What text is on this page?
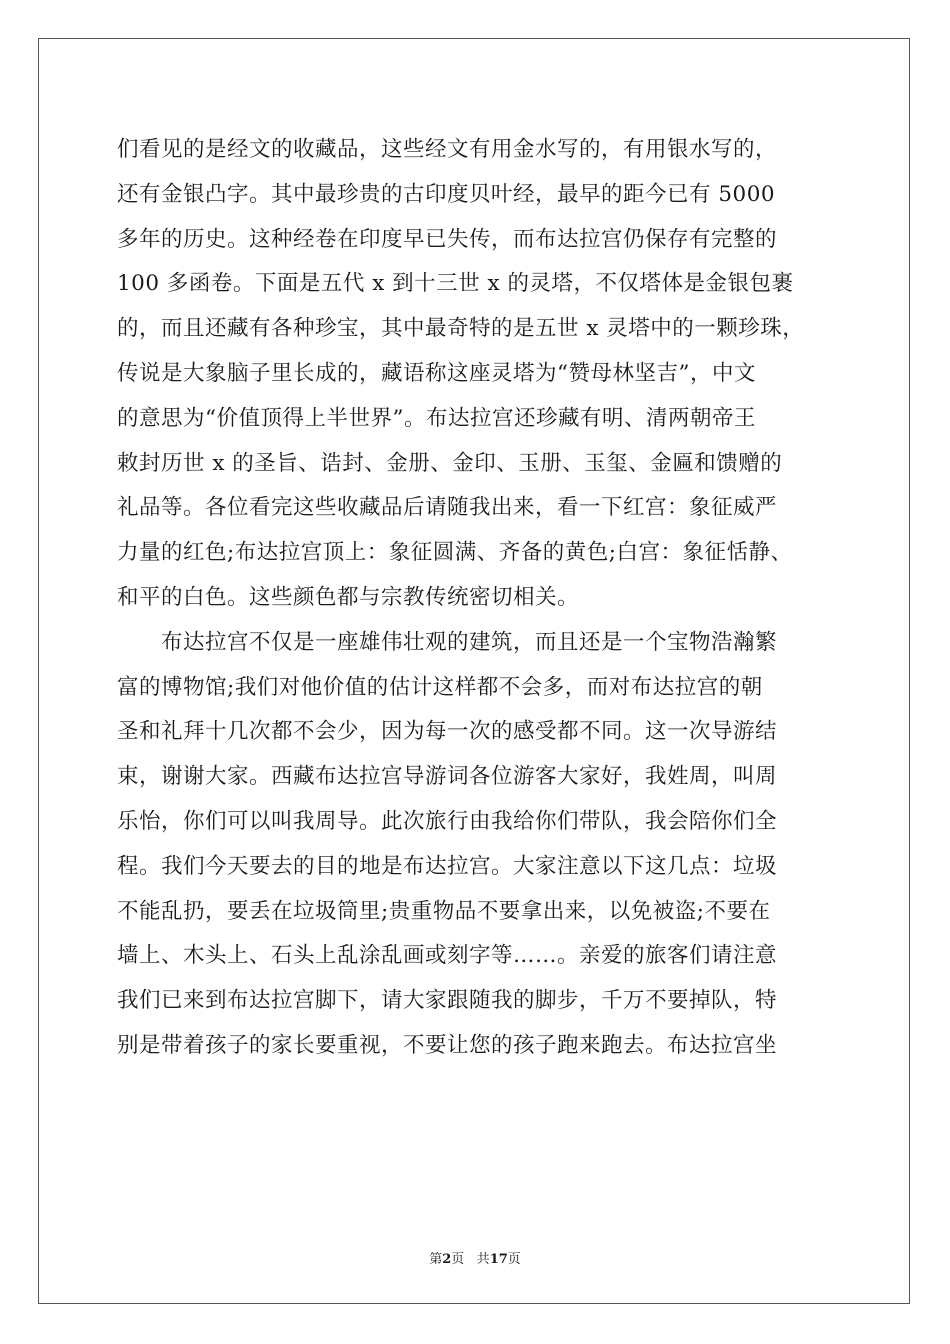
们看见的是经文的收藏品，这些经文有用金水写的，有用银水写的，
还有金银凸字。其中最珍贵的古印度贝叶经，最早的距今已有 5000
多年的历史。这种经卷在印度早已失传，而布达拉宫仍保存有完整的
100 多函卷。下面是五代 x 到十三世 x 的灵塔，不仅塔体是金银包裹
的，而且还藏有各种珍宝，其中最奇特的是五世 x 灵塔中的一颗珍珠，
传说是大象脑子里长成的，藏语称这座灵塔为“赞母林坚吉”，中文
的意思为“价值顶得上半世界”。布达拉宫还珍藏有明、清两朝帝王
敕封历世 x 的圣旨、诰封、金册、金印、玉册、玉玺、金匾和馈赠的
礼品等。各位看完这些收藏品后请随我出来，看一下红宫：象征威严
力量的红色;布达拉宫顶上：象征圆满、齐备的黄色;白宫：象征恬静、
和平的白色。这些颜色都与宗教传统密切相关。
　　布达拉宫不仅是一座雄伟壮观的建筑，而且还是一个宝物浩瀚繁
富的博物馆;我们对他价值的估计这样都不会多，而对布达拉宫的朝
圣和礼拜十几次都不会少，因为每一次的感受都不同。这一次导游结
束，谢谢大家。西藏布达拉宫导游词各位游客大家好，我姓周，叫周
乐怡，你们可以叫我周导。此次旅行由我给你们带队，我会陪你们全
程。我们今天要去的目的地是布达拉宫。大家注意以下这几点：垃圾
不能乱扔，要丢在垃圾筒里;贵重物品不要拿出来，以免被盗;不要在
墙上、木头上、石头上乱涂乱画或刻字等……。亲爱的旅客们请注意
我们已来到布达拉宫脚下，请大家跟随我的脚步，千万不要掉队，特
别是带着孩子的家长要重视，不要让您的孩子跑来跑去。布达拉宫坐
第2页 共17页
